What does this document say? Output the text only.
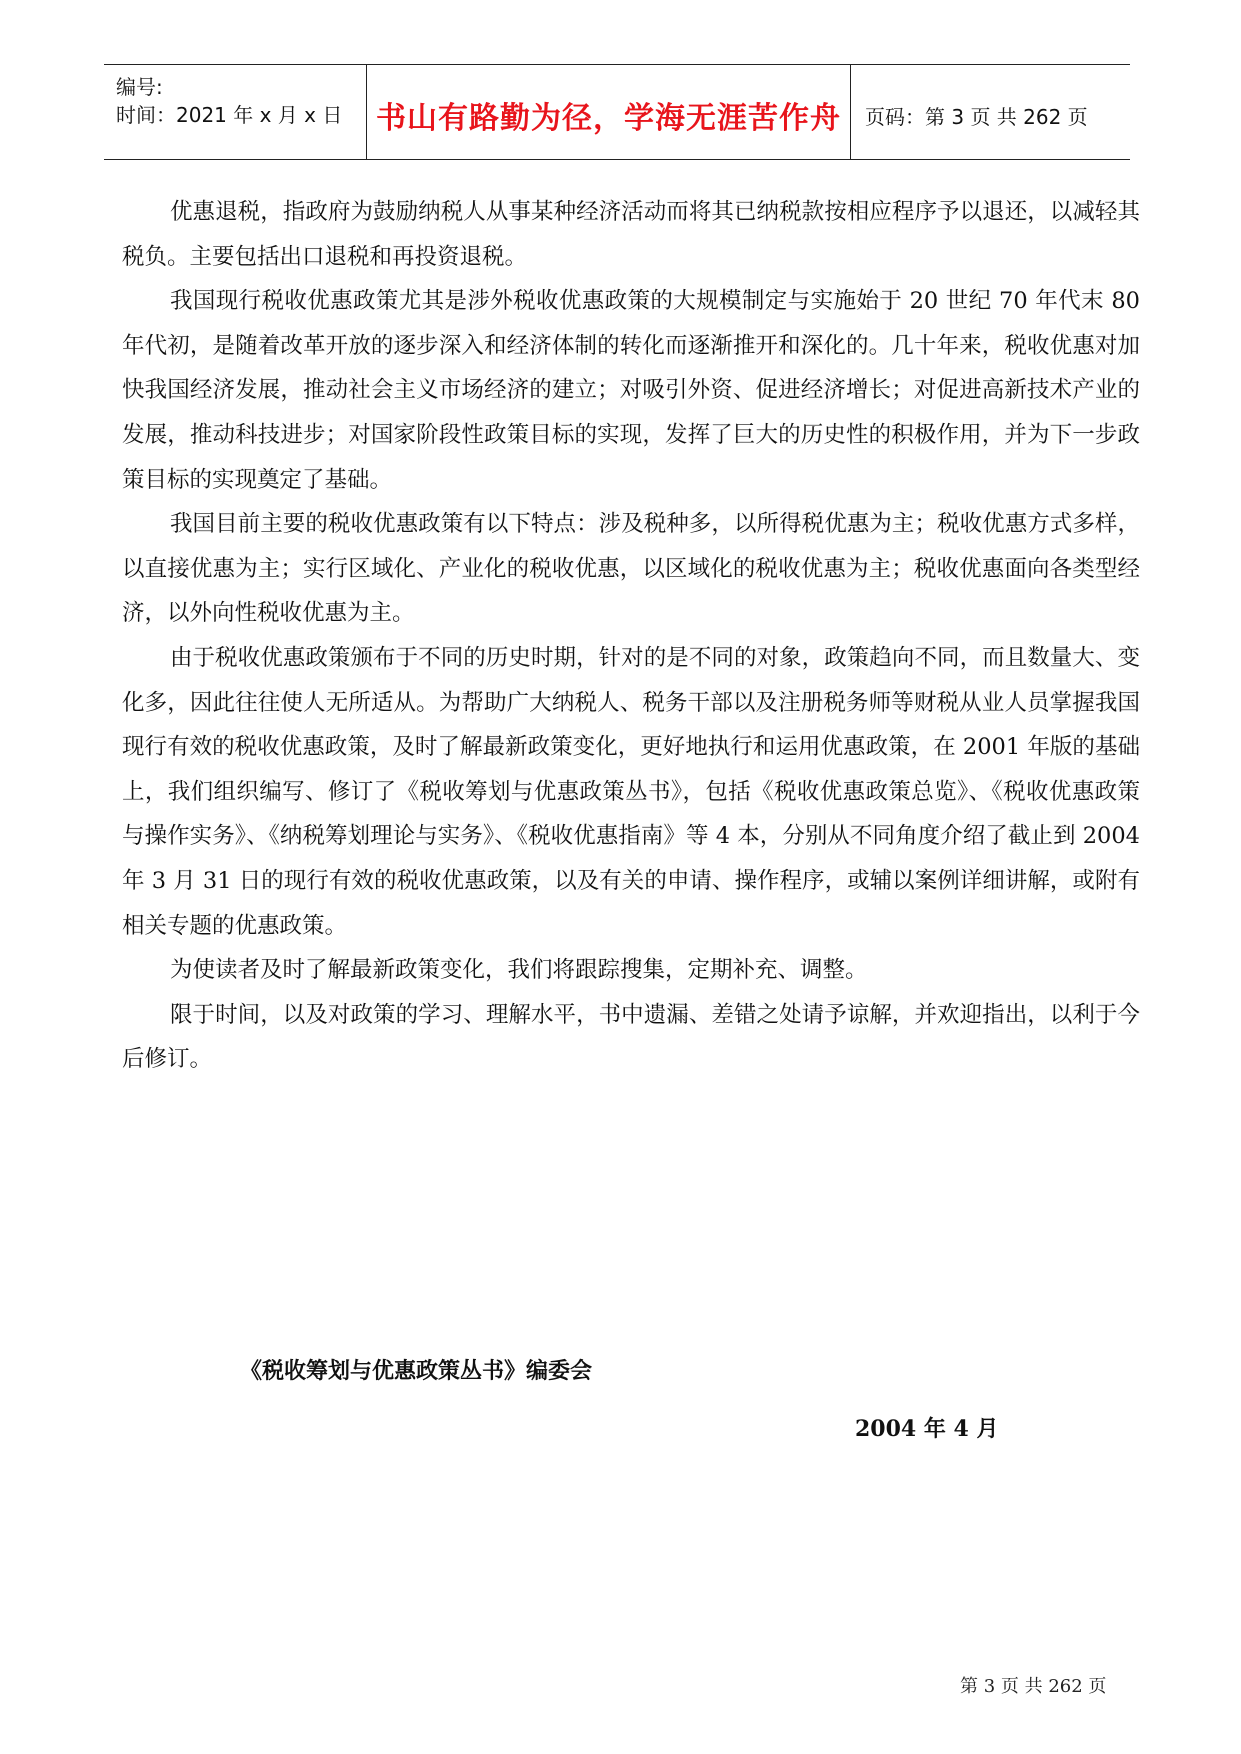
编号:
时间：2021 年 x 月 x 日	书山有路勤为径，学海无涯苦作舟	页码：第 3 页 共 262 页

优惠退税，指政府为鼓励纳税人从事某种经济活动而将其已纳税款按相应程序予以退还，以减轻其税负。主要包括出口退税和再投资退税。

我国现行税收优惠政策尤其是涉外税收优惠政策的大规模制定与实施始于 20 世纪 70 年代末 80 年代初，是随着改革开放的逐步深入和经济体制的转化而逐渐推开和深化的。几十年来，税收优惠对加快我国经济发展，推动社会主义市场经济的建立；对吸引外资、促进经济增长；对促进高新技术产业的发展，推动科技进步；对国家阶段性政策目标的实现，发挥了巨大的历史性的积极作用，并为下一步政策目标的实现奠定了基础。

我国目前主要的税收优惠政策有以下特点：涉及税种多，以所得税优惠为主；税收优惠方式多样，以直接优惠为主；实行区域化、产业化的税收优惠，以区域化的税收优惠为主；税收优惠面向各类型经济，以外向性税收优惠为主。

由于税收优惠政策颁布于不同的历史时期，针对的是不同的对象，政策趋向不同，而且数量大、变化多，因此往往使人无所适从。为帮助广大纳税人、税务干部以及注册税务师等财税从业人员掌握我国现行有效的税收优惠政策，及时了解最新政策变化，更好地执行和运用优惠政策，在 2001 年版的基础上，我们组织编写、修订了《税收筹划与优惠政策丛书》，包括《税收优惠政策总览》、《税收优惠政策与操作实务》、《纳税筹划理论与实务》、《税收优惠指南》等 4 本，分别从不同角度介绍了截止到 2004 年 3 月 31 日的现行有效的税收优惠政策，以及有关的申请、操作程序，或辅以案例详细讲解，或附有相关专题的优惠政策。

为使读者及时了解最新政策变化，我们将跟踪搜集，定期补充、调整。

限于时间，以及对政策的学习、理解水平，书中遗漏、差错之处请予谅解，并欢迎指出，以利于今后修订。

《税收筹划与优惠政策丛书》编委会
2004 年 4 月
第 3 页 共 262 页
